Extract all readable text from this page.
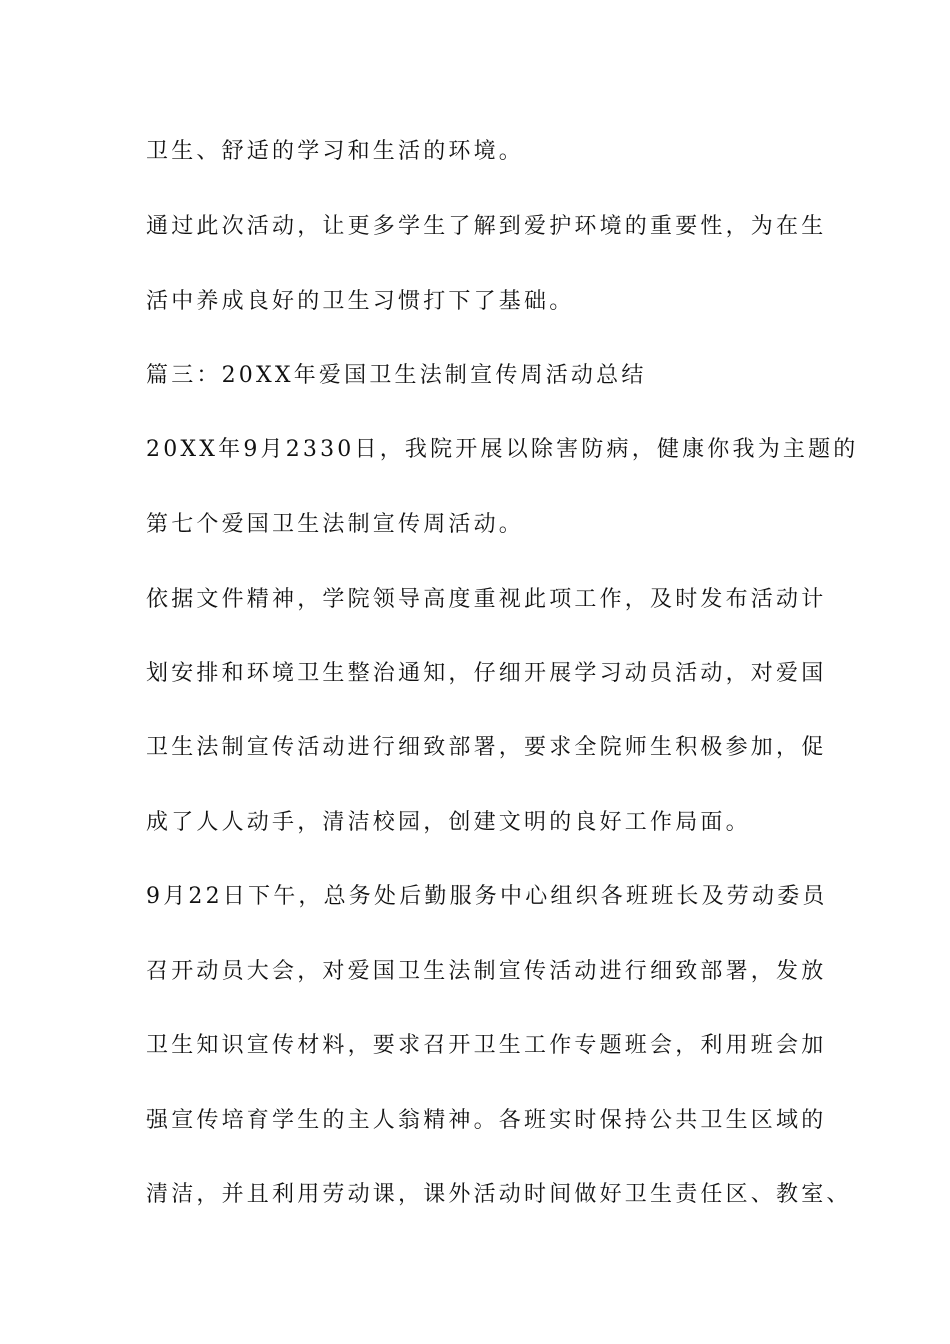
卫生、舒适的学习和生活的环境。
通过此次活动，让更多学生了解到爱护环境的重要性，为在生
活中养成良好的卫生习惯打下了基础。
篇三：20XX年爱国卫生法制宣传周活动总结
20XX年9月2330日，我院开展以除害防病，健康你我为主题的
第七个爱国卫生法制宣传周活动。
依据文件精神，学院领导高度重视此项工作，及时发布活动计
划安排和环境卫生整治通知，仔细开展学习动员活动，对爱国
卫生法制宣传活动进行细致部署，要求全院师生积极参加，促
成了人人动手，清洁校园，创建文明的良好工作局面。
9月22日下午，总务处后勤服务中心组织各班班长及劳动委员
召开动员大会，对爱国卫生法制宣传活动进行细致部署，发放
卫生知识宣传材料，要求召开卫生工作专题班会，利用班会加
强宣传培育学生的主人翁精神。各班实时保持公共卫生区域的
清洁，并且利用劳动课，课外活动时间做好卫生责任区、教室、
